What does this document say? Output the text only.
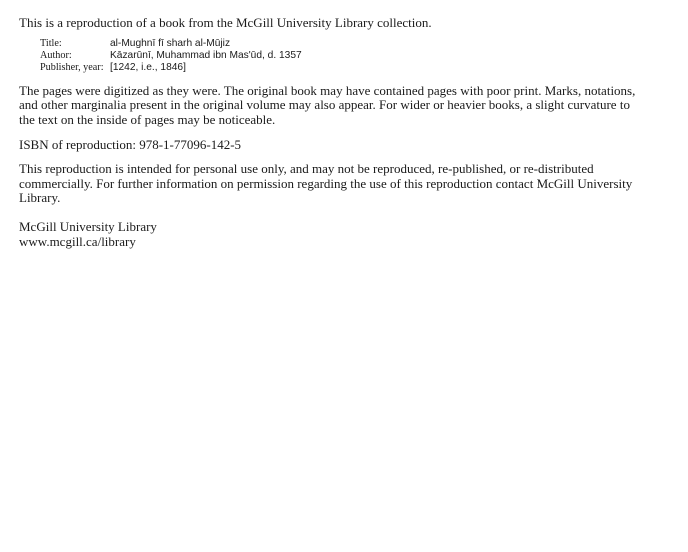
This is a reproduction of a book from the McGill University Library collection.

Title:	al-Mughnī fī sharh al-Mūjiz
Author:	Kāzarūnī, Muhammad ibn Mas'ūd, d. 1357
Publisher, year:	[1242, i.e., 1846]

The pages were digitized as they were. The original book may have contained pages with poor print. Marks, notations, and other marginalia present in the original volume may also appear. For wider or heavier books, a slight curvature to the text on the inside of pages may be noticeable.

ISBN of reproduction: 978-1-77096-142-5

This reproduction is intended for personal use only, and may not be reproduced, re-published, or re-distributed commercially. For further information on permission regarding the use of this reproduction contact McGill University Library.

McGill University Library
www.mcgill.ca/library
